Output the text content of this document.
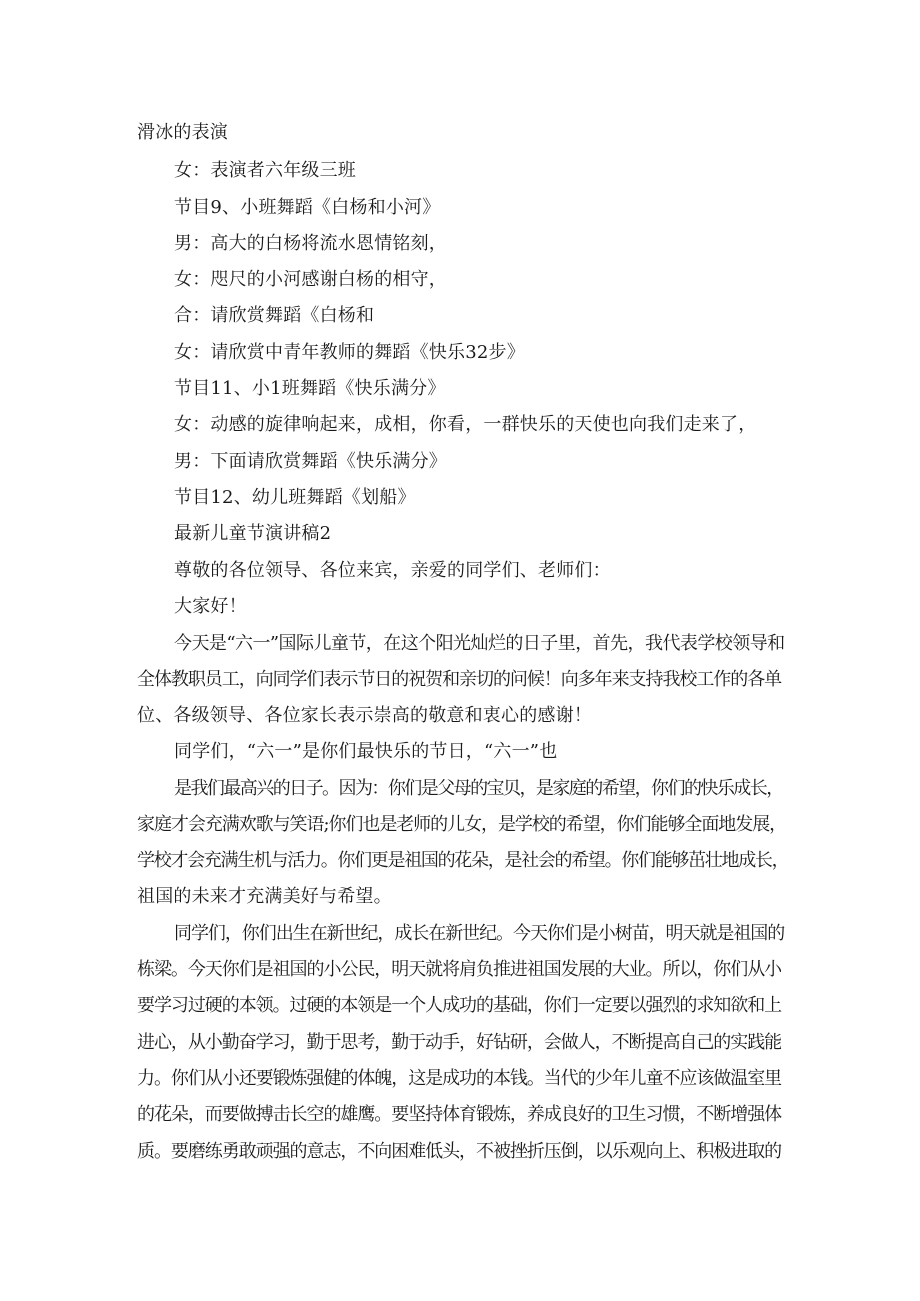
滑冰的表演
女：表演者六年级三班
节目9、小班舞蹈《白杨和小河》
男：高大的白杨将流水恩情铭刻，
女：咫尺的小河感谢白杨的相守，
合：请欣赏舞蹈《白杨和
女：请欣赏中青年教师的舞蹈《快乐32步》
节目11、小1班舞蹈《快乐满分》
女：动感的旋律响起来，成相，你看，一群快乐的天使也向我们走来了，
男：下面请欣赏舞蹈《快乐满分》
节目12、幼儿班舞蹈《划船》
最新儿童节演讲稿2
尊敬的各位领导、各位来宾，亲爱的同学们、老师们：
大家好！
今天是“六一”国际儿童节，在这个阳光灿烂的日子里，首先，我代表学校领导和
全体教职员工，向同学们表示节日的祝贺和亲切的问候！向多年来支持我校工作的各单
位、各级领导、各位家长表示崇高的敬意和衷心的感谢！
同学们，“六一”是你们最快乐的节日，“六一”也
是我们最高兴的日子。因为：你们是父母的宝贝，是家庭的希望，你们的快乐成长，
家庭才会充满欢歌与笑语;你们也是老师的儿女，是学校的希望，你们能够全面地发展，
学校才会充满生机与活力。你们更是祖国的花朵，是社会的希望。你们能够茁壮地成长，
祖国的未来才充满美好与希望。
同学们，你们出生在新世纪，成长在新世纪。今天你们是小树苗，明天就是祖国的
栋梁。今天你们是祖国的小公民，明天就将肩负推进祖国发展的大业。所以，你们从小
要学习过硬的本领。过硬的本领是一个人成功的基础，你们一定要以强烈的求知欲和上
进心，从小勤奋学习，勤于思考，勤于动手，好钻研，会做人，不断提高自己的实践能
力。你们从小还要锻炼强健的体魄，这是成功的本钱。当代的少年儿童不应该做温室里
的花朵，而要做搏击长空的雄鹰。要坚持体育锻炼，养成良好的卫生习惯，不断增强体
质。要磨练勇敢顽强的意志，不向困难低头，不被挫折压倒，以乐观向上、积极进取的
